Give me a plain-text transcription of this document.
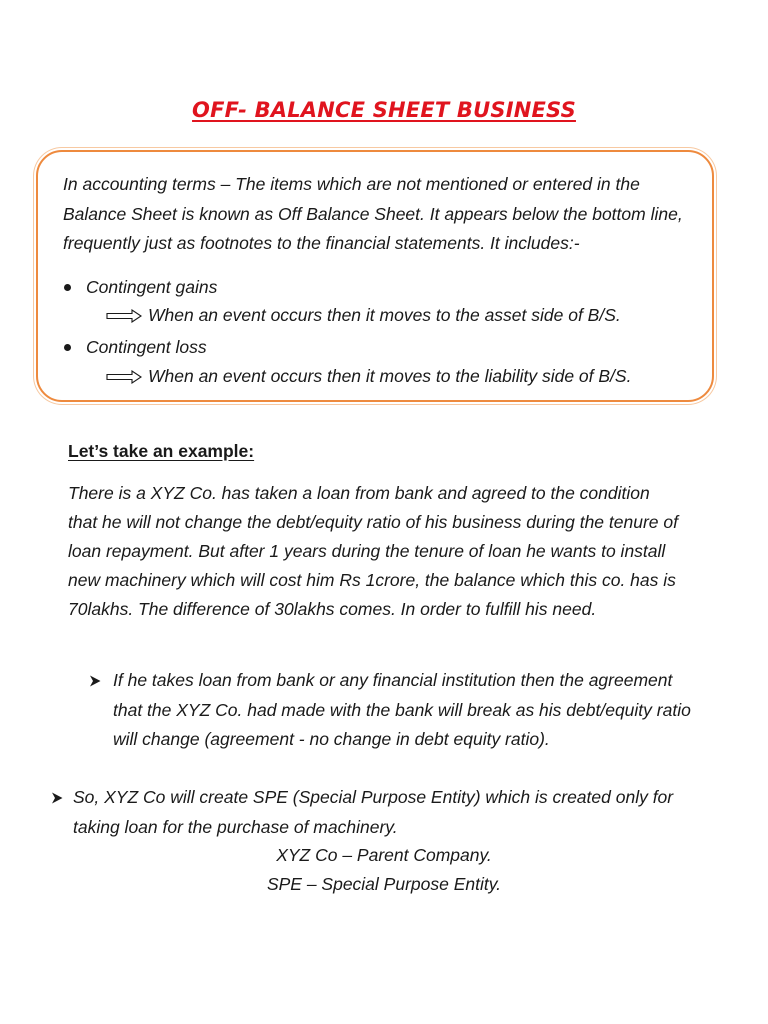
OFF- BALANCE SHEET BUSINESS

In accounting terms – The items which are not mentioned or entered in the Balance Sheet is known as Off Balance Sheet. It appears below the bottom line, frequently just as footnotes to the financial statements. It includes:-

Contingent gains
When an event occurs then it moves to the asset side of B/S.
Contingent loss
When an event occurs then it moves to the liability side of B/S.
Let’s take an example:

There is a XYZ Co. has taken a loan from bank and agreed to the condition that he will not change the debt/equity ratio of his business during the tenure of loan repayment. But after 1 years during the tenure of loan he wants to install new machinery which will cost him Rs 1crore, the balance which this co. has is 70lakhs. The difference of 30lakhs comes. In order to fulfill his need.

If he takes loan from bank or any financial institution then the agreement that the XYZ Co. had made with the bank will break as his debt/equity ratio will change (agreement - no change in debt equity ratio).
So, XYZ Co will create SPE (Special Purpose Entity) which is created only for taking loan for the purchase of machinery.
XYZ Co – Parent Company.
SPE – Special Purpose Entity.
